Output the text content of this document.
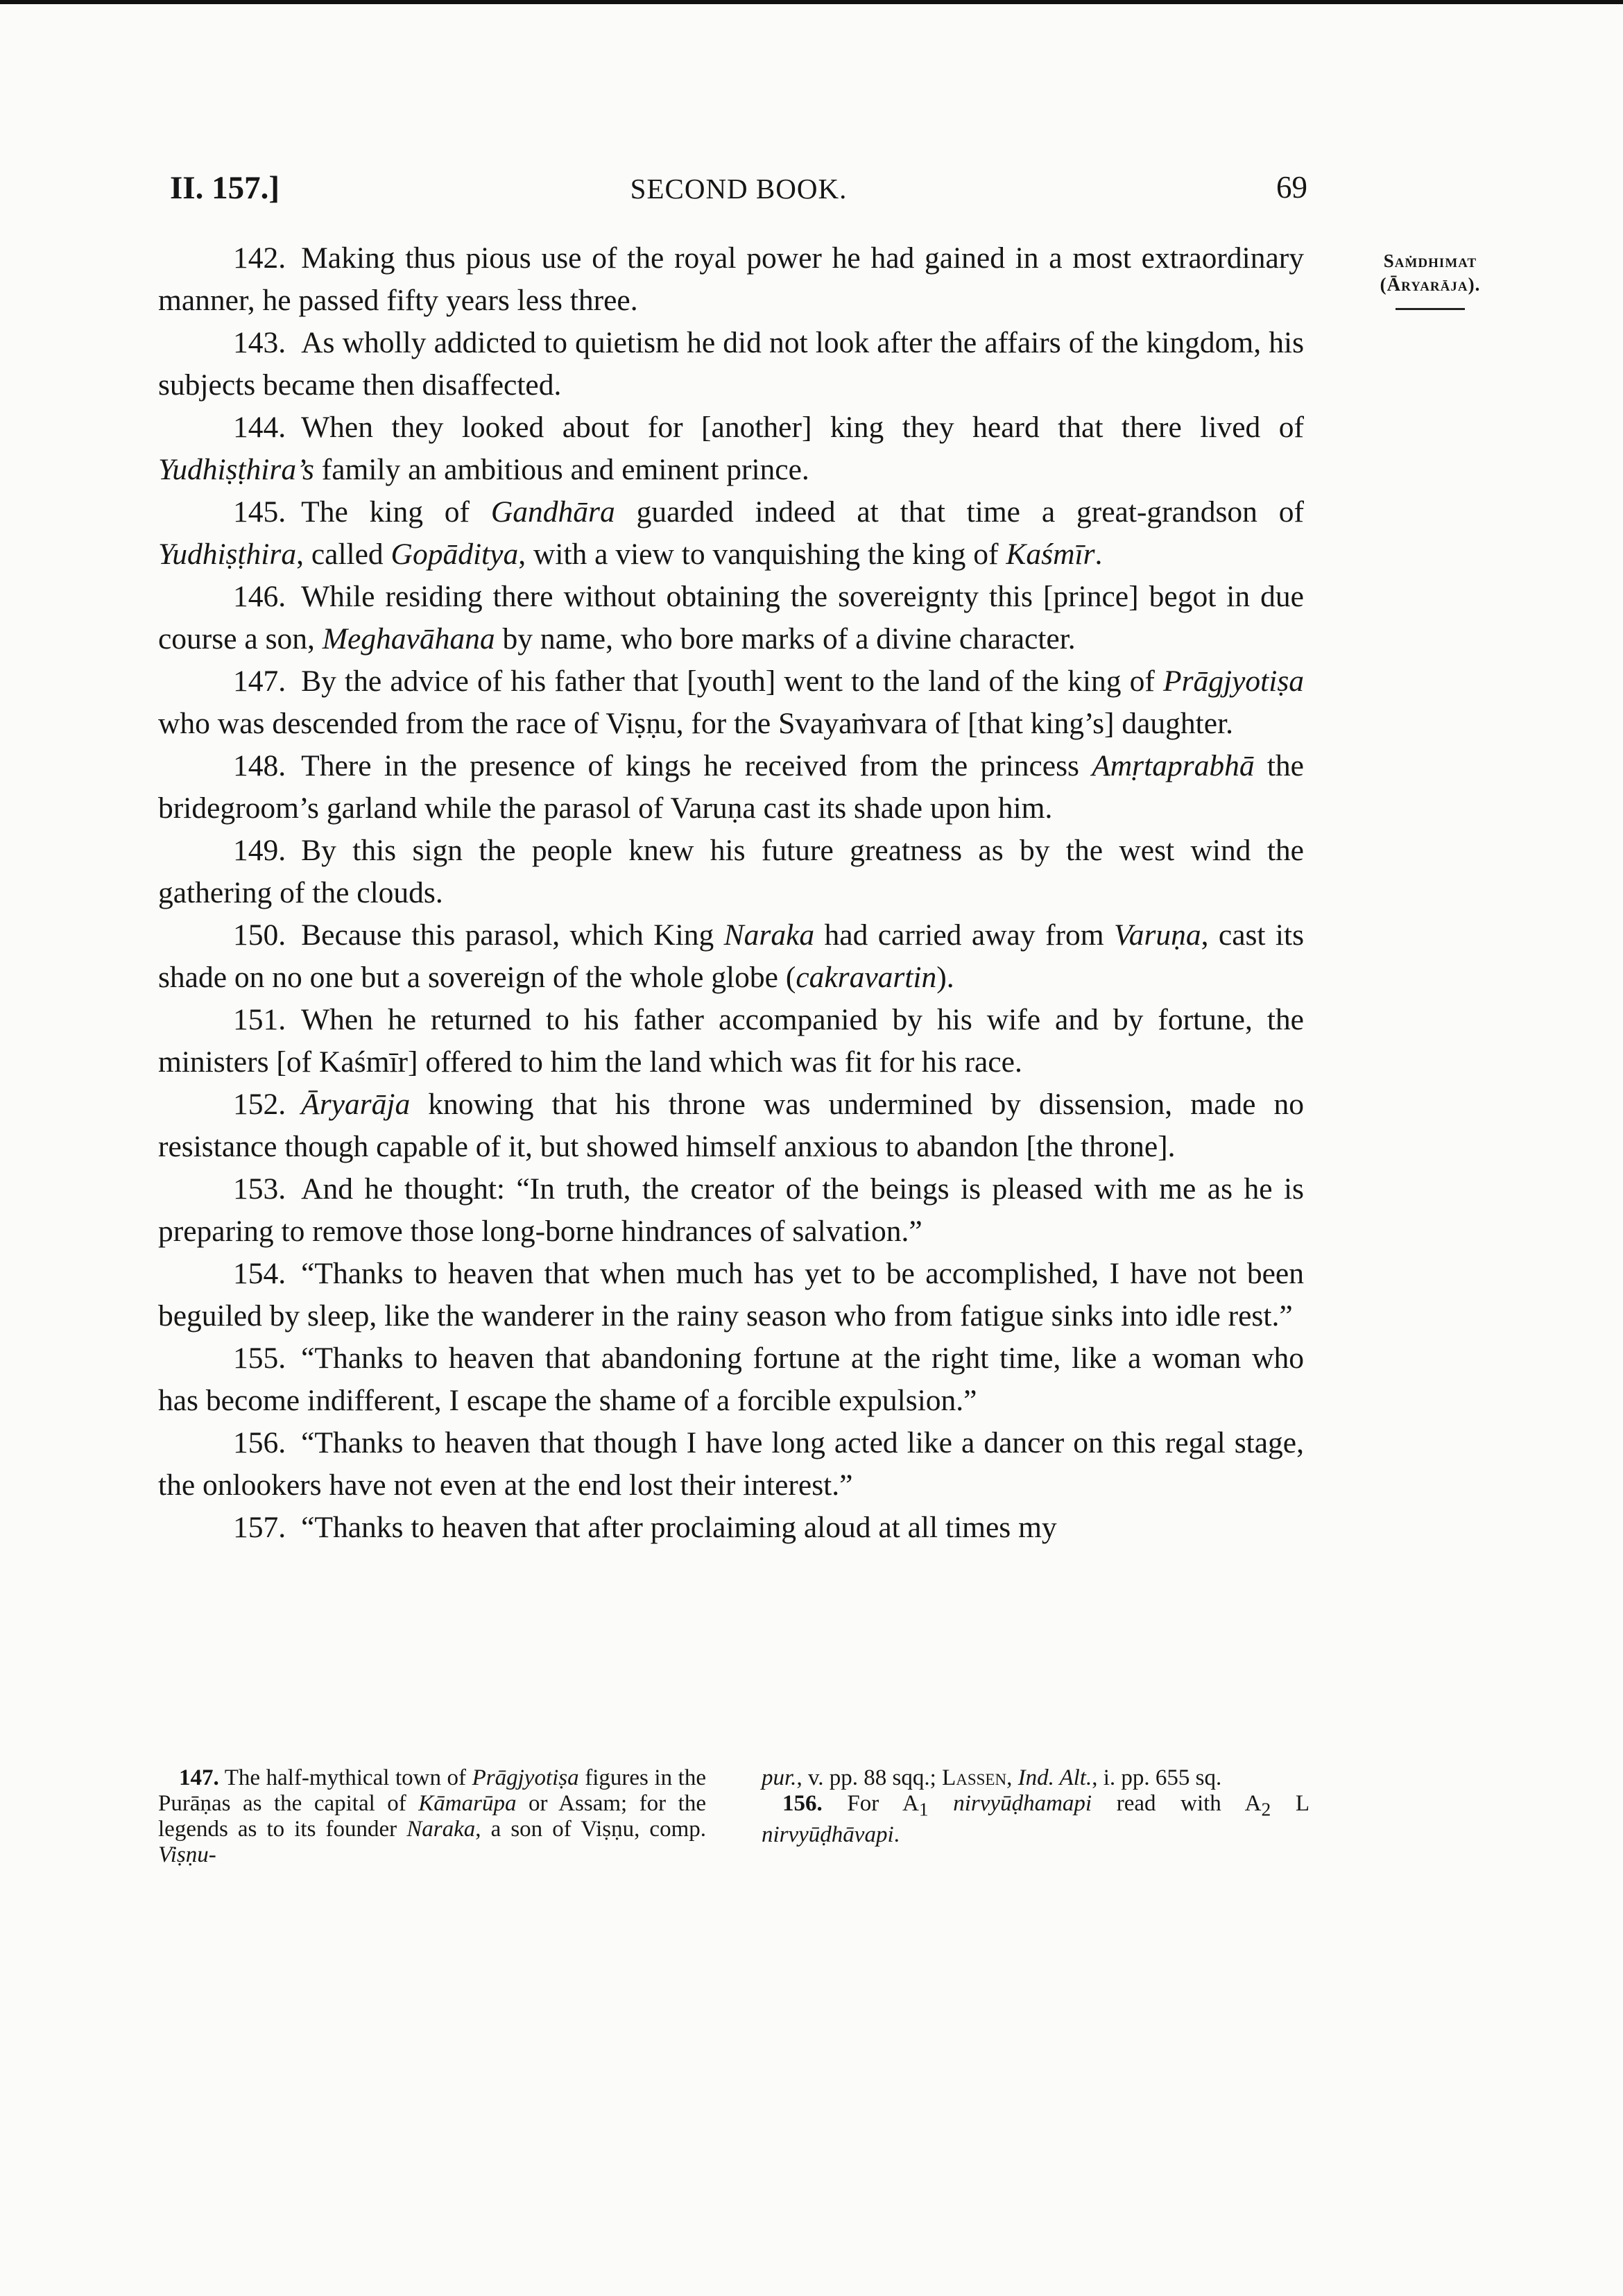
II. 157.]	SECOND BOOK.	69
Saṁdhimat
(Āryarāja).

142. Making thus pious use of the royal power he had gained in a most extraordinary manner, he passed fifty years less three.

143. As wholly addicted to quietism he did not look after the affairs of the kingdom, his subjects became then disaffected.

144. When they looked about for [another] king they heard that there lived of Yudhiṣṭhira’s family an ambitious and eminent prince.

145. The king of Gandhāra guarded indeed at that time a great-grandson of Yudhiṣṭhira, called Gopāditya, with a view to vanquishing the king of Kaśmīr.

146. While residing there without obtaining the sovereignty this [prince] begot in due course a son, Meghavāhana by name, who bore marks of a divine character.

147. By the advice of his father that [youth] went to the land of the king of Prāgjyotiṣa who was descended from the race of Viṣṇu, for the Svayaṁvara of [that king’s] daughter.

148. There in the presence of kings he received from the princess Amṛtaprabhā the bridegroom’s garland while the parasol of Varuṇa cast its shade upon him.

149. By this sign the people knew his future greatness as by the west wind the gathering of the clouds.

150. Because this parasol, which King Naraka had carried away from Varuṇa, cast its shade on no one but a sovereign of the whole globe (cakravartin).

151. When he returned to his father accompanied by his wife and by fortune, the ministers [of Kaśmīr] offered to him the land which was fit for his race.

152. Āryarāja knowing that his throne was undermined by dissension, made no resistance though capable of it, but showed himself anxious to abandon [the throne].

153. And he thought: “In truth, the creator of the beings is pleased with me as he is preparing to remove those long-borne hindrances of salvation.”

154. “Thanks to heaven that when much has yet to be accomplished, I have not been beguiled by sleep, like the wanderer in the rainy season who from fatigue sinks into idle rest.”

155. “Thanks to heaven that abandoning fortune at the right time, like a woman who has become indifferent, I escape the shame of a forcible expulsion.”

156. “Thanks to heaven that though I have long acted like a dancer on this regal stage, the onlookers have not even at the end lost their interest.”

157. “Thanks to heaven that after proclaiming aloud at all times my

147. The half-mythical town of Prāgjyotiṣa figures in the Purāṇas as the capital of Kāmarūpa or Assam; for the legends as to its founder Naraka, a son of Viṣṇu, comp. Viṣṇu-

pur., v. pp. 88 sqq.; Lassen, Ind. Alt., i. pp. 655 sq.

156. For $A_1$ nirvyūḍhamapi read with $A_2$ L nirvyūḍhāvapi.
